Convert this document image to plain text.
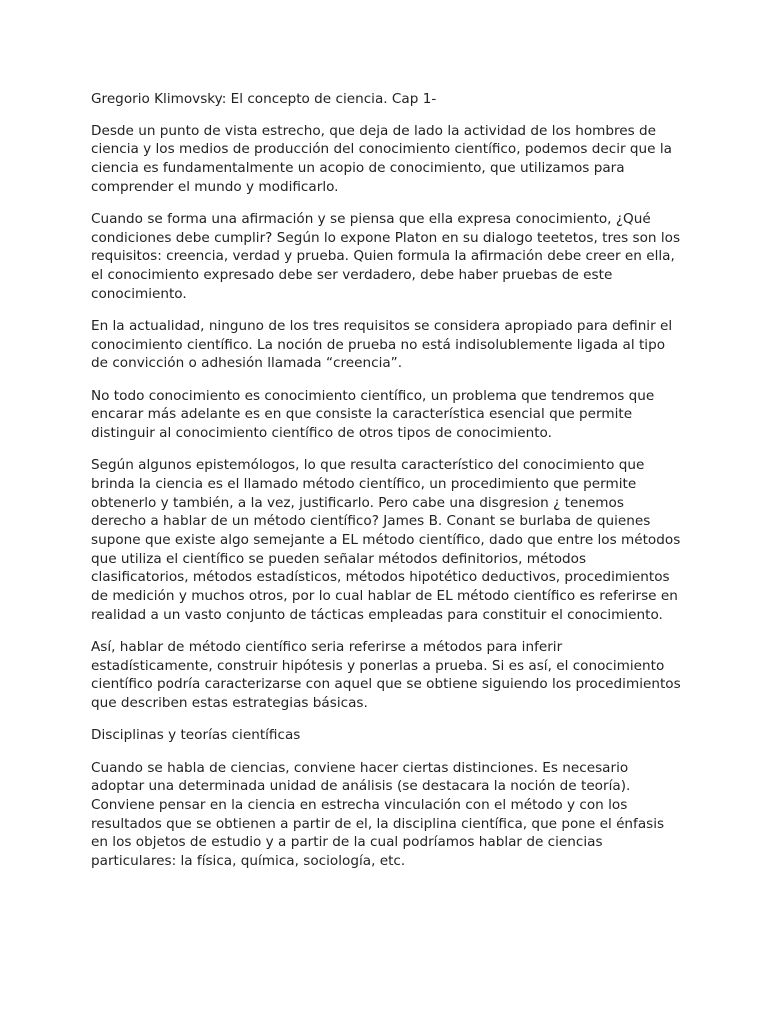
Gregorio Klimovsky: El concepto de ciencia. Cap 1-

Desde un punto de vista estrecho, que deja de lado la actividad de los hombres de ciencia y los medios de producción del conocimiento científico, podemos decir que la ciencia es fundamentalmente un acopio de conocimiento, que utilizamos para comprender el mundo y modificarlo.

Cuando se forma una afirmación y se piensa que ella expresa conocimiento, ¿Qué condiciones debe cumplir? Según lo expone Platon en su dialogo teetetos, tres son los requisitos: creencia, verdad y prueba. Quien formula la afirmación debe creer en ella, el conocimiento expresado debe ser verdadero, debe haber pruebas de este conocimiento.

En la actualidad, ninguno de los tres requisitos se considera apropiado para definir el conocimiento científico. La noción de prueba no está indisolublemente ligada al tipo de convicción o adhesión llamada “creencia”.

No todo conocimiento es conocimiento científico, un problema que tendremos que encarar más adelante es en que consiste la característica esencial que permite distinguir al conocimiento científico de otros tipos de conocimiento.

Según algunos epistemólogos, lo que resulta característico del conocimiento que brinda la ciencia es el llamado método científico, un procedimiento que permite obtenerlo y también, a la vez, justificarlo. Pero cabe una disgresion ¿ tenemos derecho a hablar de un método científico? James B. Conant se burlaba de quienes supone que existe algo semejante a EL método científico, dado que entre los métodos que utiliza el científico se pueden señalar métodos definitorios, métodos clasificatorios, métodos estadísticos, métodos hipotético deductivos, procedimientos de medición y muchos otros, por lo cual hablar de EL método científico es referirse en realidad a un vasto conjunto de tácticas empleadas para constituir el conocimiento.

Así, hablar de método científico seria referirse a métodos para inferir estadísticamente, construir hipótesis y ponerlas a prueba. Si es así, el conocimiento científico podría caracterizarse con aquel que se obtiene siguiendo los procedimientos que describen estas estrategias básicas.

Disciplinas y teorías científicas

Cuando se habla de ciencias, conviene hacer ciertas distinciones. Es necesario adoptar una determinada unidad de análisis (se destacara la noción de teoría). Conviene pensar en la ciencia en estrecha vinculación con el método y con los resultados que se obtienen a partir de el, la disciplina científica, que pone el énfasis en los objetos de estudio y a partir de la cual podríamos hablar de ciencias particulares: la física, química, sociología, etc.
